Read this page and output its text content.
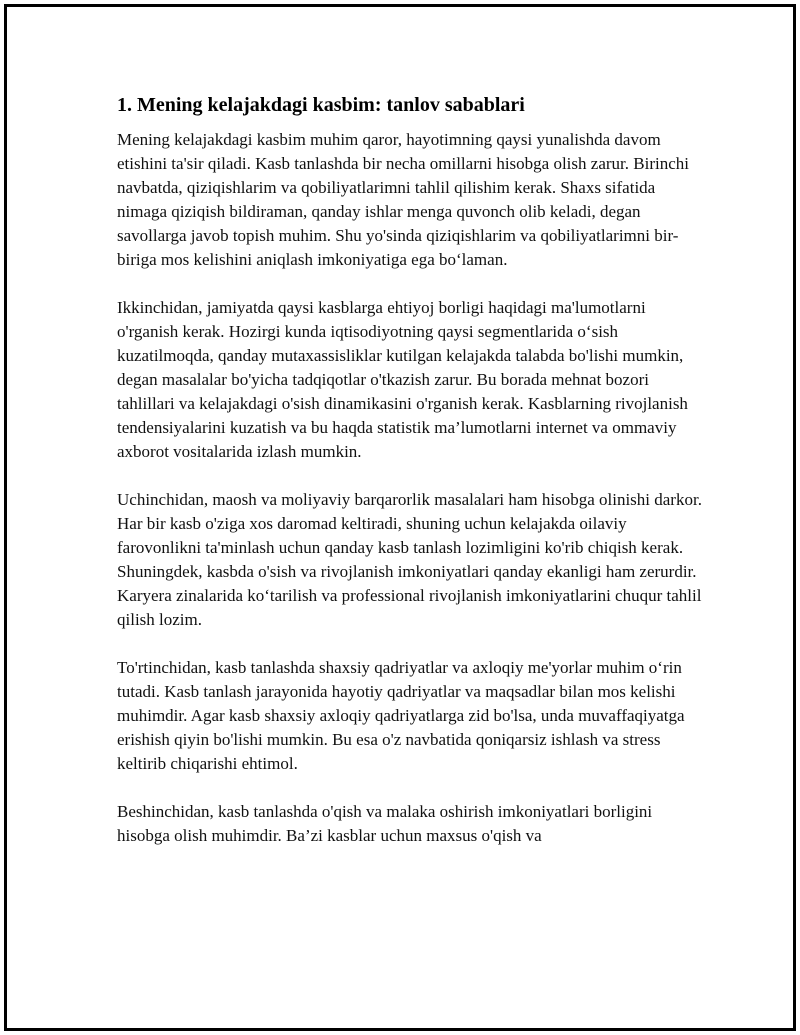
1. Mening kelajakdagi kasbim: tanlov sabablari

Mening kelajakdagi kasbim muhim qaror, hayotimning qaysi yunalishda davom etishini ta'sir qiladi. Kasb tanlashda bir necha omillarni hisobga olish zarur. Birinchi navbatda, qiziqishlarim va qobiliyatlarimni tahlil qilishim kerak. Shaxs sifatida nimaga qiziqish bildiraman, qanday ishlar menga quvonch olib keladi, degan savollarga javob topish muhim. Shu yo'sinda qiziqishlarim va qobiliyatlarimni bir-biriga mos kelishini aniqlash imkoniyatiga ega bo‘laman.

Ikkinchidan, jamiyatda qaysi kasblarga ehtiyoj borligi haqidagi ma'lumotlarni o'rganish kerak. Hozirgi kunda iqtisodiyotning qaysi segmentlarida o‘sish kuzatilmoqda, qanday mutaxassisliklar kutilgan kelajakda talabda bo'lishi mumkin, degan masalalar bo'yicha tadqiqotlar o'tkazish zarur. Bu borada mehnat bozori tahlillari va kelajakdagi o'sish dinamikasini o'rganish kerak. Kasblarning rivojlanish tendensiyalarini kuzatish va bu haqda statistik ma’lumotlarni internet va ommaviy axborot vositalarida izlash mumkin.

Uchinchidan, maosh va moliyaviy barqarorlik masalalari ham hisobga olinishi darkor. Har bir kasb o'ziga xos daromad keltiradi, shuning uchun kelajakda oilaviy farovonlikni ta'minlash uchun qanday kasb tanlash lozimligini ko'rib chiqish kerak. Shuningdek, kasbda o'sish va rivojlanish imkoniyatlari qanday ekanligi ham zerurdir. Karyera zinalarida ko‘tarilish va professional rivojlanish imkoniyatlarini chuqur tahlil qilish lozim.

To'rtinchidan, kasb tanlashda shaxsiy qadriyatlar va axloqiy me'yorlar muhim o‘rin tutadi. Kasb tanlash jarayonida hayotiy qadriyatlar va maqsadlar bilan mos kelishi muhimdir. Agar kasb shaxsiy axloqiy qadriyatlarga zid bo'lsa, unda muvaffaqiyatga erishish qiyin bo'lishi mumkin. Bu esa o'z navbatida qoniqarsiz ishlash va stress keltirib chiqarishi ehtimol.

Beshinchidan, kasb tanlashda o'qish va malaka oshirish imkoniyatlari borligini hisobga olish muhimdir. Ba’zi kasblar uchun maxsus o'qish va
